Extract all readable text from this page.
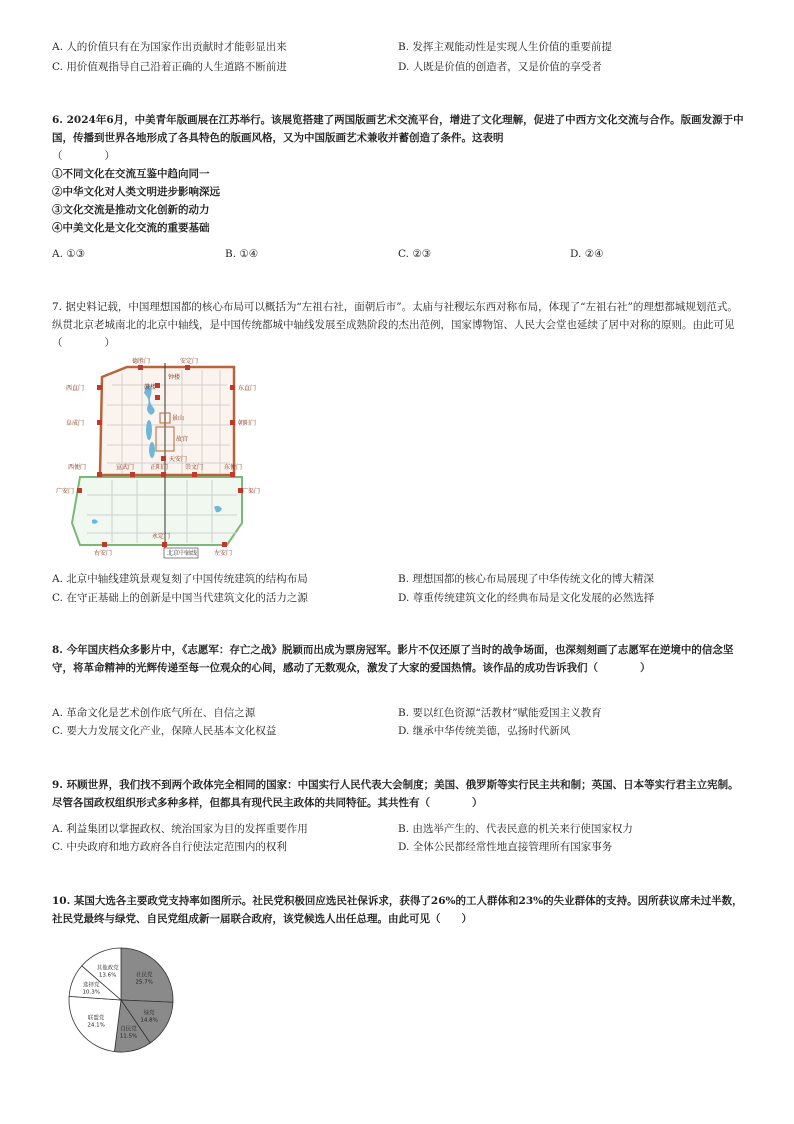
A. 人的价值只有在为国家作出贡献时才能彰显出来	B. 发挥主观能动性是实现人生价值的重要前提
C. 用价值观指导自己沿着正确的人生道路不断前进	D. 人既是价值的创造者，又是价值的享受者
6. 2024年6月，中美青年版画展在江苏举行。该展览搭建了两国版画艺术交流平台，增进了文化理解，促进了中西方文化交流与合作。版画发源于中国，传播到世界各地形成了各具特色的版画风格，又为中国版画艺术兼收并蓄创造了条件。这表明
（　　　　）
①不同文化在交流互鉴中趋向同一
②中华文化对人类文明进步影响深远
③文化交流是推动文化创新的动力
④中美文化是文化交流的重要基础
A. ①③	B. ①④	C. ②③	D. ②④
7. 据史料记载，中国理想国都的核心布局可以概括为“左祖右社，面朝后市”。太庙与社稷坛东西对称布局，体现了“左祖右社”的理想都城规划范式。纵贯北京老城南北的北京中轴线，是中国传统都城中轴线发展至成熟阶段的杰出范例，国家博物馆、人民大会堂也延续了居中对称的原则。由此可见（　　　　）
德胜门	安定门
鼓楼
钟楼
西直门	东直门
景山
故宫
阜成门	朝阳门
天安门
西便门	宣武门	正阳门	崇文门	东便门
广安门	广渠门
右安门
永定门
左安门
北京中轴线
A. 北京中轴线建筑景观复刻了中国传统建筑的结构布局	B. 理想国都的核心布局展现了中华传统文化的博大精深
C. 在守正基础上的创新是中国当代建筑文化的活力之源	D. 尊重传统建筑文化的经典布局是文化发展的必然选择
8. 今年国庆档众多影片中，《志愿军：存亡之战》脱颖而出成为票房冠军。影片不仅还原了当时的战争场面，也深刻刻画了志愿军在逆境中的信念坚守，将革命精神的光辉传递至每一位观众的心间，感动了无数观众，激发了大家的爱国热情。该作品的成功告诉我们（　　　　）
A. 革命文化是艺术创作底气所在、自信之源	B. 要以红色资源“活教材”赋能爱国主义教育
C. 要大力发展文化产业，保障人民基本文化权益	D. 继承中华传统美德，弘扬时代新风
9. 环顾世界，我们找不到两个政体完全相同的国家：中国实行人民代表大会制度；美国、俄罗斯等实行民主共和制；英国、日本等实行君主立宪制。尽管各国政权组织形式多种多样，但都具有现代民主政体的共同特征。其共性有（　　　　）
A. 利益集团以掌握政权、统治国家为目的发挥重要作用	B. 由选举产生的、代表民意的机关来行使国家权力
C. 中央政府和地方政府各自行使法定范围内的权利	D. 全体公民都经常性地直接管理所有国家事务
10. 某国大选各主要政党支持率如图所示。社民党积极回应选民社保诉求，获得了26%的工人群体和23%的失业群体的支持。因所获议席未过半数，社民党最终与绿党、自民党组成新一届联合政府，该党候选人出任总理。由此可见（　　）
社民党
25.7%
绿党
14.8%
自民党
11.5%
联盟党
24.1%
选择党
10.3%
其他政党
13.6%
